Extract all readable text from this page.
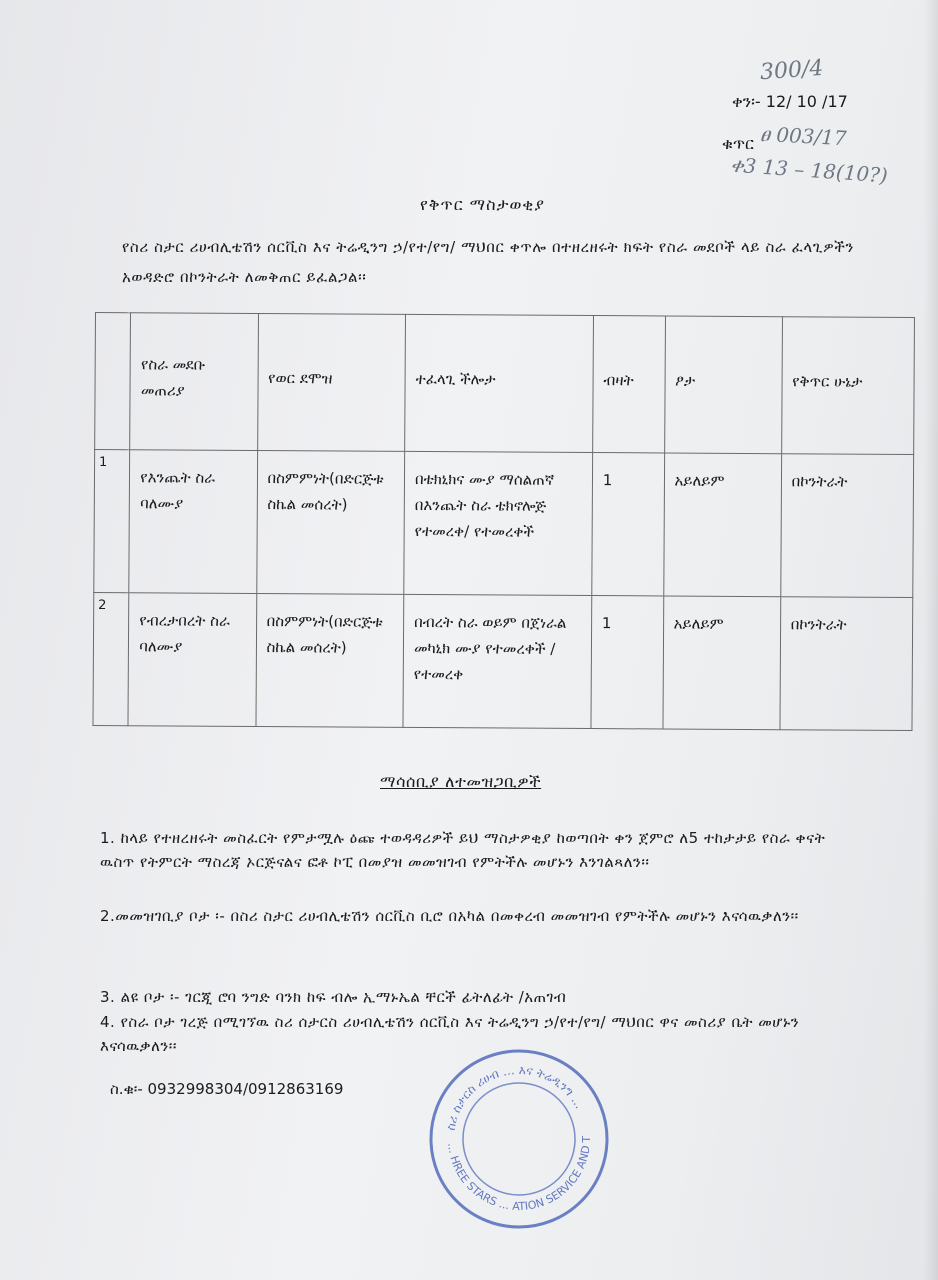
300/4
ቀን፡- 12/ 10 /17
ቁጥር ፀ 003/17
ቀ3 13 – 18(10?)
የቅጥር ማስታወቂያ
የስሪ ስታር ሪሀብሊቴሽን ሰርቪስ እና ትሬዲንግ ኃ/የተ/የግ/ ማህበር ቀጥሎ በተዘረዘሩት ክፍት የስራ መደቦች ላይ ስራ ፈላጊዎችን አወዳድሮ በኮንትራት ለመቅጠር ይፈልጋል፡፡
	የስራ መደቡ መጠሪያ	የወር ደሞዝ	ተፈላጊ ችሎታ	ብዛት	ፆታ	የቅጥር ሁኔታ

1	የእንጨት ስራ ባለሙያ	በስምምነት(በድርጅቱ ስኬል መሰረት)	በቴክኒክና ሙያ ማሰልጠኛ በእንጨት ስራ ቴክኖሎጅ የተመረቀ/ የተመረቀች	1	አይለይም	በኮንትራት

2	የብረታበረት ስራ ባለሙያ	በስምምነት(በድርጅቱ ስኬል መሰረት)	በብረት ስራ ወይም በጀነራል መካኒክ ሙያ የተመረቀች /የተመረቀ	1	አይለይም	በኮንትራት
ማሳሰቢያ ለተመዝጋቢዎች
1. ከላይ የተዘረዘሩት መስፈርት የምታሟሉ ዕጩ ተወዳዳሪዎች ይህ ማስታዎቂያ ከወጣበት ቀን ጀምሮ ለ5 ተከታታይ የስራ ቀናት ዉስጥ የትምርት ማስረጃ ኦርጅናልና ፎቶ ኮፒ በመያዝ መመዝገብ የምትችሉ መሆኑን እንገልጻለን፡፡
2.መመዝገቢያ ቦታ ፡- በስሪ ስታር ሪሀብሊቴሽን ሰርቪስ ቢሮ በአካል በመቀረብ መመዝገብ የምትችሉ መሆኑን እናሳዉቃለን፡፡
3. ልዩ ቦታ ፡- ገርጂ ሮባ ንግድ ባንክ ከፍ ብሎ ኢማኑኤል ቸርች ፊትለፊት /አጠገብ
4. የስራ ቦታ ገረጅ በሚገኘዉ ስሪ ሰታርስ ሪሀብሊቴሽን ሰርቪስ እና ትሬዲንግ ኃ/የተ/የግ/ ማህበር ዋና መስሪያ ቤት መሆኑን እናሳዉቃለን፡፡
ስ.ቁ፡- 0932998304/0912863169
ስሪ ስታርስ ሪሀብ ... እና ትሬዲንግ ...
... HREE STARS ... ATION SERVICE AND T
